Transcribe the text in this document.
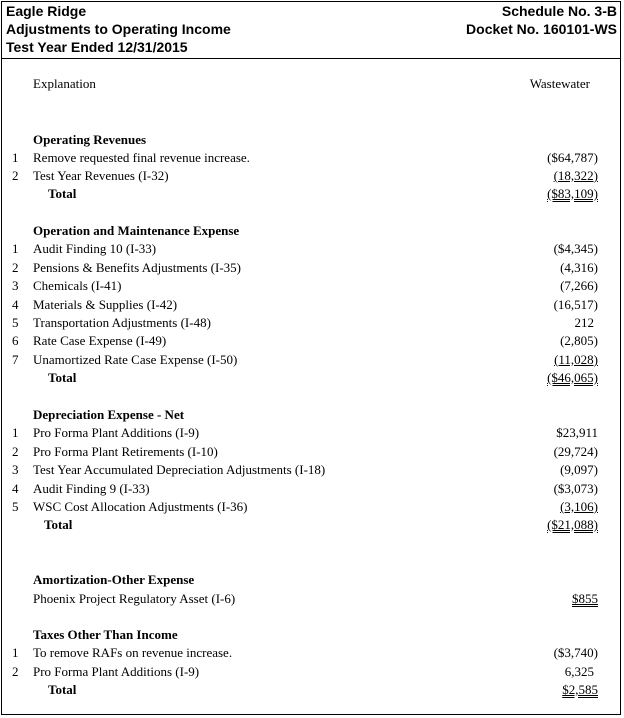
Eagle Ridge
Adjustments to Operating Income
Test Year Ended 12/31/2015
Schedule No. 3-B
Docket No. 160101-WS
Explanation	Wastewater
Operating Revenues
1 Remove requested final revenue increase.	($64,787)
2 Test Year Revenues (I-32)	(18,322)
Total	($83,109)
Operation and Maintenance Expense
1 Audit Finding 10 (I-33)	($4,345)
2 Pensions & Benefits Adjustments (I-35)	(4,316)
3 Chemicals (I-41)	(7,266)
4 Materials & Supplies (I-42)	(16,517)
5 Transportation Adjustments (I-48)	212
6 Rate Case Expense (I-49)	(2,805)
7 Unamortized Rate Case Expense (I-50)	(11,028)
Total	($46,065)
Depreciation Expense - Net
1 Pro Forma Plant Additions (I-9)	$23,911
2 Pro Forma Plant Retirements (I-10)	(29,724)
3 Test Year Accumulated Depreciation Adjustments (I-18)	(9,097)
4 Audit Finding 9 (I-33)	($3,073)
5 WSC Cost Allocation Adjustments (I-36)	(3,106)
Total	($21,088)
Amortization-Other Expense
Phoenix Project Regulatory Asset (I-6)	$855
Taxes Other Than Income
1 To remove RAFs on revenue increase.	($3,740)
2 Pro Forma Plant Additions (I-9)	6,325
Total	$2,585
